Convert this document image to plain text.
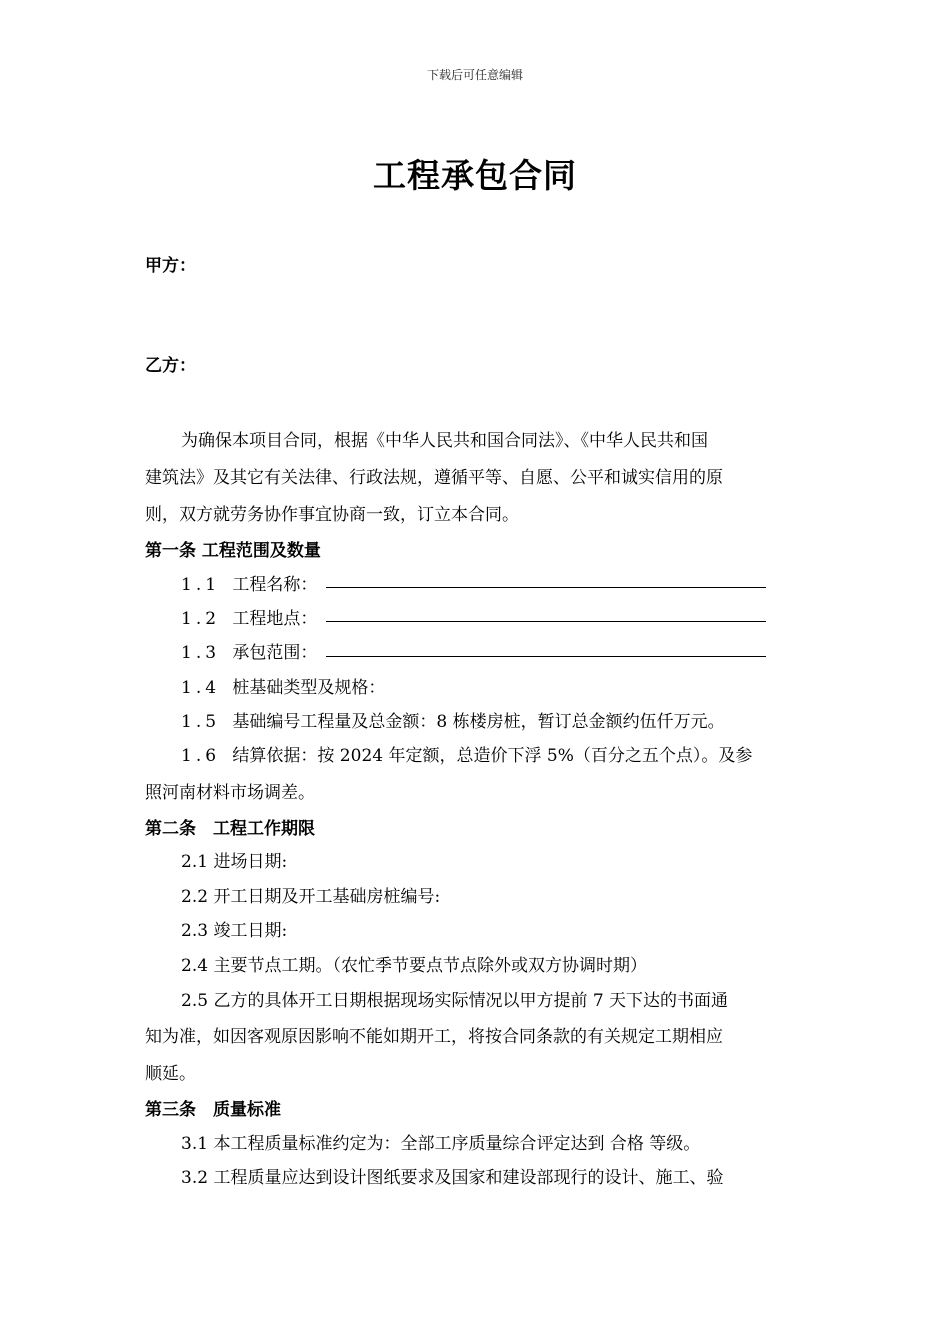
下载后可任意编辑
工程承包合同
甲方：
乙方：
为确保本项目合同，根据《中华人民共和国合同法》、《中华人民共和国
建筑法》及其它有关法律、行政法规，遵循平等、自愿、公平和诚实信用的原
则，双方就劳务协作事宜协商一致，订立本合同。
第一条 工程范围及数量
1.1 工程名称：
1.2 工程地点：
1.3 承包范围：
1.4 桩基础类型及规格：
1.5 基础编号工程量及总金额：8 栋楼房桩，暂订总金额约伍仟万元。
1.6 结算依据：按 2024 年定额，总造价下浮 5%（百分之五个点）。及参
照河南材料市场调差。
第二条　工程工作期限
2.1 进场日期:
2.2 开工日期及开工基础房桩编号:
2.3 竣工日期:
2.4 主要节点工期。（农忙季节要点节点除外或双方协调时期）
2.5 乙方的具体开工日期根据现场实际情况以甲方提前 7 天下达的书面通
知为准，如因客观原因影响不能如期开工，将按合同条款的有关规定工期相应
顺延。
第三条　质量标准
3.1 本工程质量标准约定为：全部工序质量综合评定达到 合格 等级。
3.2 工程质量应达到设计图纸要求及国家和建设部现行的设计、施工、验
